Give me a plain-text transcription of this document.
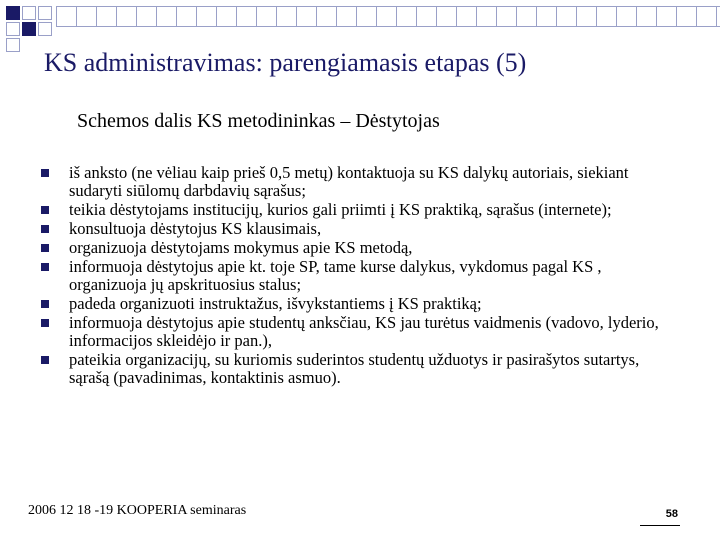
KS administravimas: parengiamasis etapas (5)
Schemos dalis KS metodininkas – Dėstytojas
iš anksto (ne vėliau kaip prieš 0,5 metų) kontaktuoja su KS dalykų autoriais, siekiant sudaryti siūlomų darbdavių sąrašus;
teikia dėstytojams institucijų, kurios gali priimti į KS praktiką, sąrašus (internete);
konsultuoja dėstytojus KS klausimais,
organizuoja dėstytojams mokymus apie KS metodą,
informuoja dėstytojus apie kt. toje SP, tame kurse dalykus, vykdomus pagal KS , organizuoja jų apskrituosius stalus;
padeda organizuoti instruktažus, išvykstantiems į KS praktiką;
informuoja dėstytojus apie studentų anksčiau, KS jau turėtus vaidmenis (vadovo, lyderio, informacijos skleidėjo ir pan.),
pateikia organizacijų, su kuriomis suderintos studentų užduotys ir pasirašytos sutartys, sąrašą (pavadinimas, kontaktinis asmuo).
2006 12 18 -19 KOOPERIA seminaras	58
